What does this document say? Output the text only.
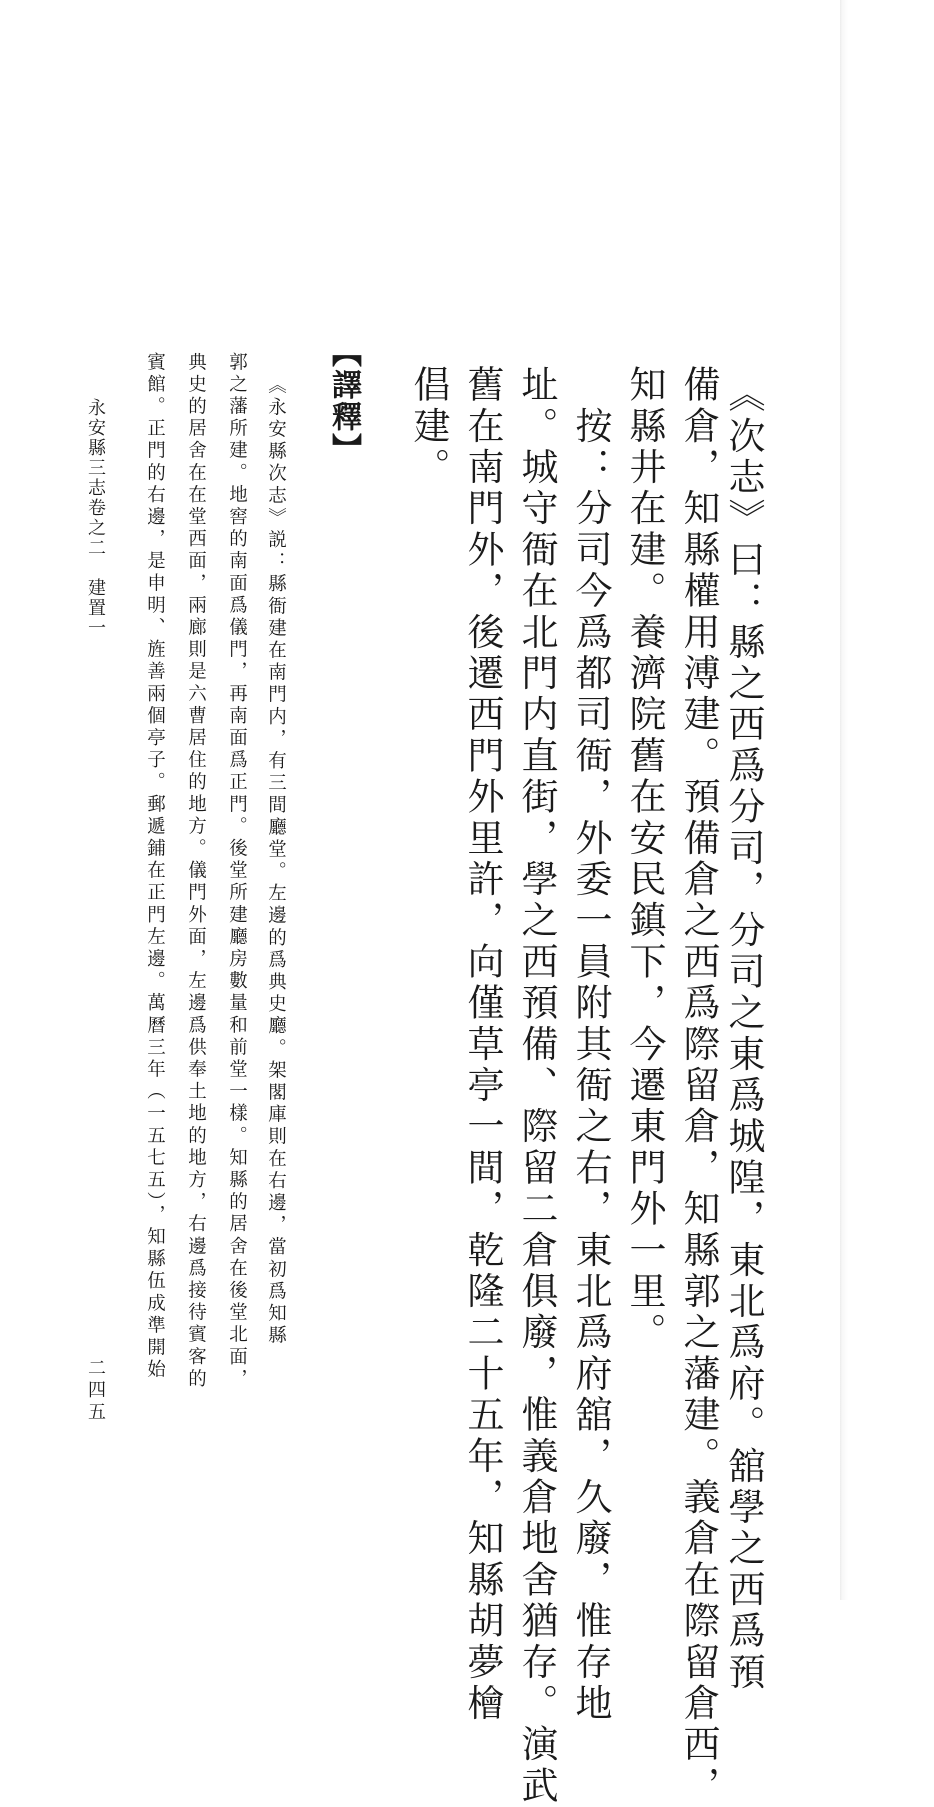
《次志》曰：縣之西爲分司，分司之東爲城隍，東北爲府。舘學之西爲預
備倉，知縣權用溥建。預備倉之西爲際留倉，知縣郭之藩建。義倉在際留倉西，
知縣井在建。養濟院舊在安民鎮下，今遷東門外一里。
　按：分司今爲都司衙，外委一員附其衙之右，東北爲府舘，久廢，惟存地
址。城守衙在北門内直街，學之西預備、際留二倉俱廢，惟義倉地舍猶存。演武
舊在南門外，後遷西門外里許，向僅草亭一間，乾隆二十五年，知縣胡夢檜
倡建。
【譯釋】
《永安縣次志》説：縣衙建在南門内，有三間廳堂。左邊的爲典史廳。架閣庫則在右邊，當初爲知縣
郭之藩所建。地窖的南面爲儀門，再南面爲正門。後堂所建廳房數量和前堂一樣。知縣的居舍在後堂北面，
典史的居舍在在堂西面，兩廊則是六曹居住的地方。儀門外面，左邊爲供奉土地的地方，右邊爲接待賓客的
賓館。正門的右邊，是申明、旌善兩個亭子。郵遞鋪在正門左邊。萬曆三年（一五七五），知縣伍成準開始
永安縣三志卷之二　建置一
二四五
